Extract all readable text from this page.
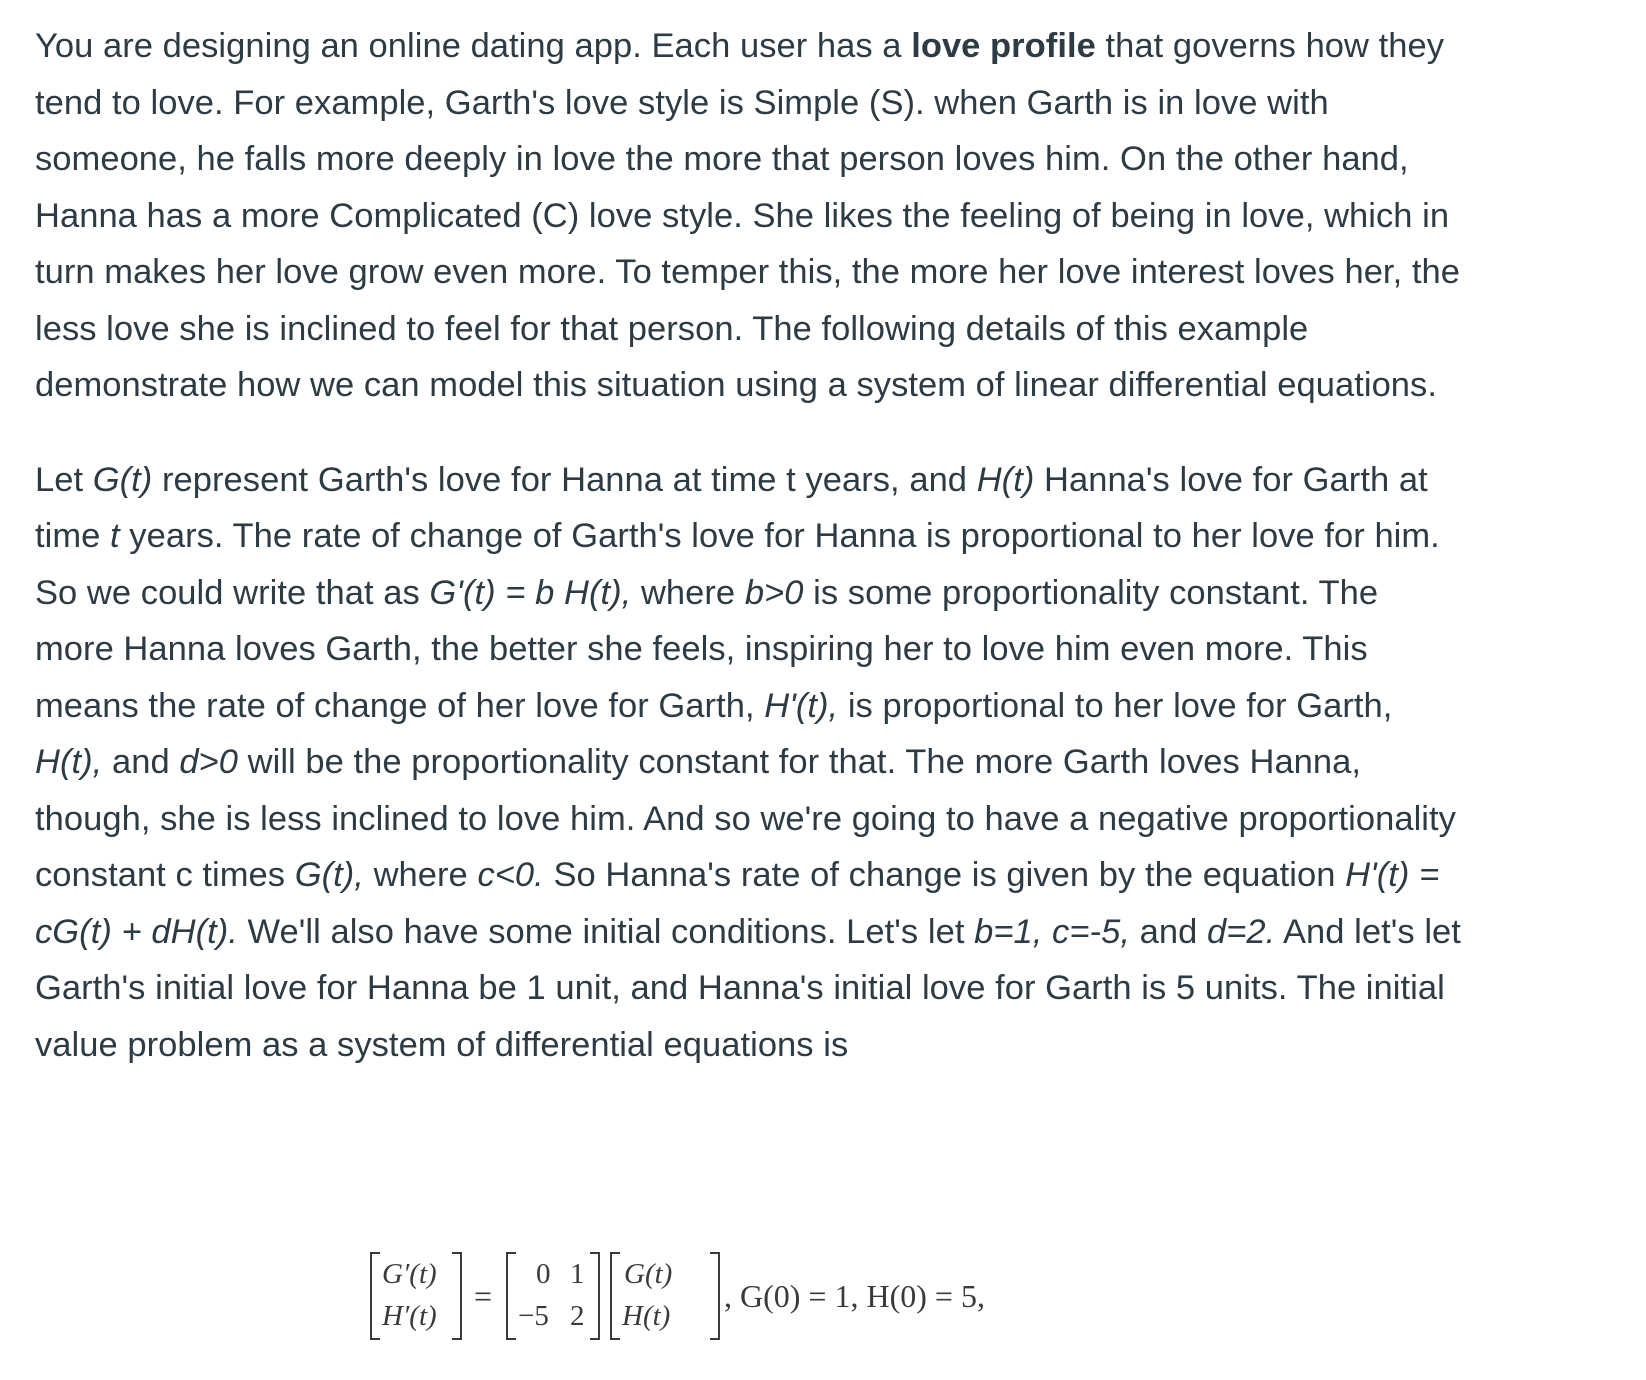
You are designing an online dating app. Each user has a love profile that governs how they tend to love. For example, Garth's love style is Simple (S). when Garth is in love with someone, he falls more deeply in love the more that person loves him. On the other hand, Hanna has a more Complicated (C) love style. She likes the feeling of being in love, which in turn makes her love grow even more. To temper this, the more her love interest loves her, the less love she is inclined to feel for that person. The following details of this example demonstrate how we can model this situation using a system of linear differential equations.

Let G(t) represent Garth's love for Hanna at time t years, and H(t) Hanna's love for Garth at time t years. The rate of change of Garth's love for Hanna is proportional to her love for him. So we could write that as G'(t) = b H(t), where b>0 is some proportionality constant. The more Hanna loves Garth, the better she feels, inspiring her to love him even more. This means the rate of change of her love for Garth, H'(t), is proportional to her love for Garth, H(t), and d>0 will be the proportionality constant for that. The more Garth loves Hanna, though, she is less inclined to love him. And so we're going to have a negative proportionality constant c times G(t), where c<0. So Hanna's rate of change is given by the equation H'(t) = cG(t) + dH(t). We'll also have some initial conditions. Let's let b=1, c=-5, and d=2. And let's let Garth's initial love for Hanna be 1 unit, and Hanna's initial love for Garth is 5 units. The initial value problem as a system of differential equations is

G′(t)
H′(t)
=
0 1
−5 2
G(t)
H(t)
, G(0) = 1, H(0) = 5,
